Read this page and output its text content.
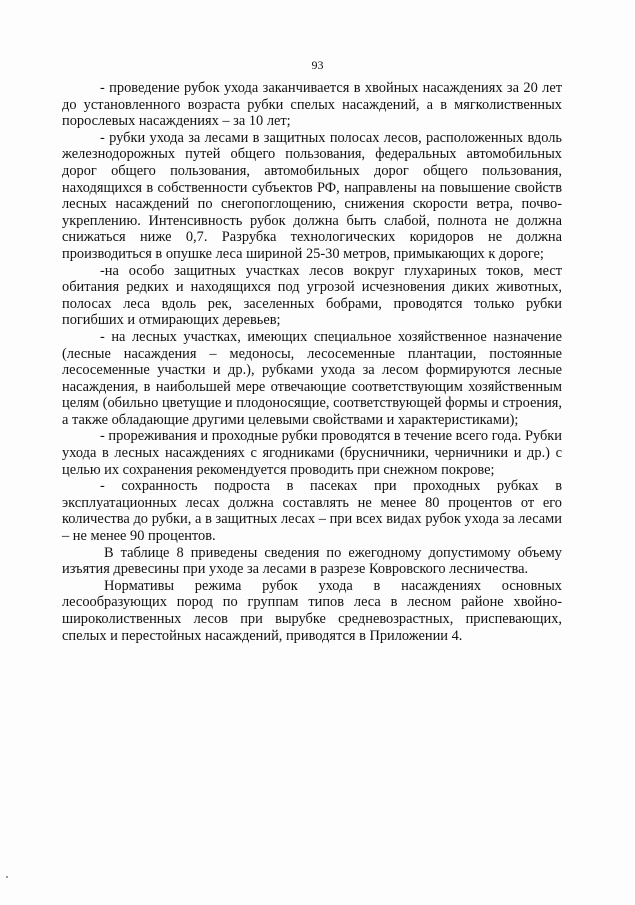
93

- проведение рубок ухода заканчивается в хвойных насаждениях за 20 лет до установленного возраста рубки спелых насаждений, а в мягколиственных порослевых насаждениях – за 10 лет;

- рубки ухода за лесами в защитных полосах лесов, расположенных вдоль железнодорожных путей общего пользования, федеральных автомобильных дорог общего пользования, автомобильных дорог общего пользования, находящихся в собственности субъектов РФ, направлены на повышение свойств лесных насаждений по снегопоглощению, снижения скорости ветра, почво-укреплению. Интенсивность рубок должна быть слабой, полнота не должна снижаться ниже 0,7. Разрубка технологических коридоров не должна производиться в опушке леса шириной 25-30 метров, примыкающих к дороге;

-на особо защитных участках лесов вокруг глухариных токов, мест обитания редких и находящихся под угрозой исчезновения диких животных, полосах леса вдоль рек, заселенных бобрами, проводятся только рубки погибших и отмирающих деревьев;

- на лесных участках, имеющих специальное хозяйственное назначение (лесные насаждения – медоносы, лесосеменные плантации, постоянные лесосеменные участки и др.), рубками ухода за лесом формируются лесные насаждения, в наибольшей мере отвечающие соответствующим хозяйственным целям (обильно цветущие и плодоносящие, соответствующей формы и строения, а также обладающие другими целевыми свойствами и характеристиками);

- прореживания и проходные рубки проводятся в течение всего года. Рубки ухода в лесных насаждениях с ягодниками (брусничники, черничники и др.) с целью их сохранения рекомендуется проводить при снежном покрове;

- сохранность подроста в пасеках при проходных рубках в эксплуатационных лесах должна составлять не менее 80 процентов от его количества до рубки, а в защитных лесах – при всех видах рубок ухода за лесами – не менее 90 процентов.

В таблице 8 приведены сведения по ежегодному допустимому объему изъятия древесины при уходе за лесами в разрезе Ковровского лесничества.

Нормативы режима рубок ухода в насаждениях основных лесообразующих пород по группам типов леса в лесном районе хвойно-широколиственных лесов при вырубке средневозрастных, приспевающих, спелых и перестойных насаждений, приводятся в Приложении 4.
